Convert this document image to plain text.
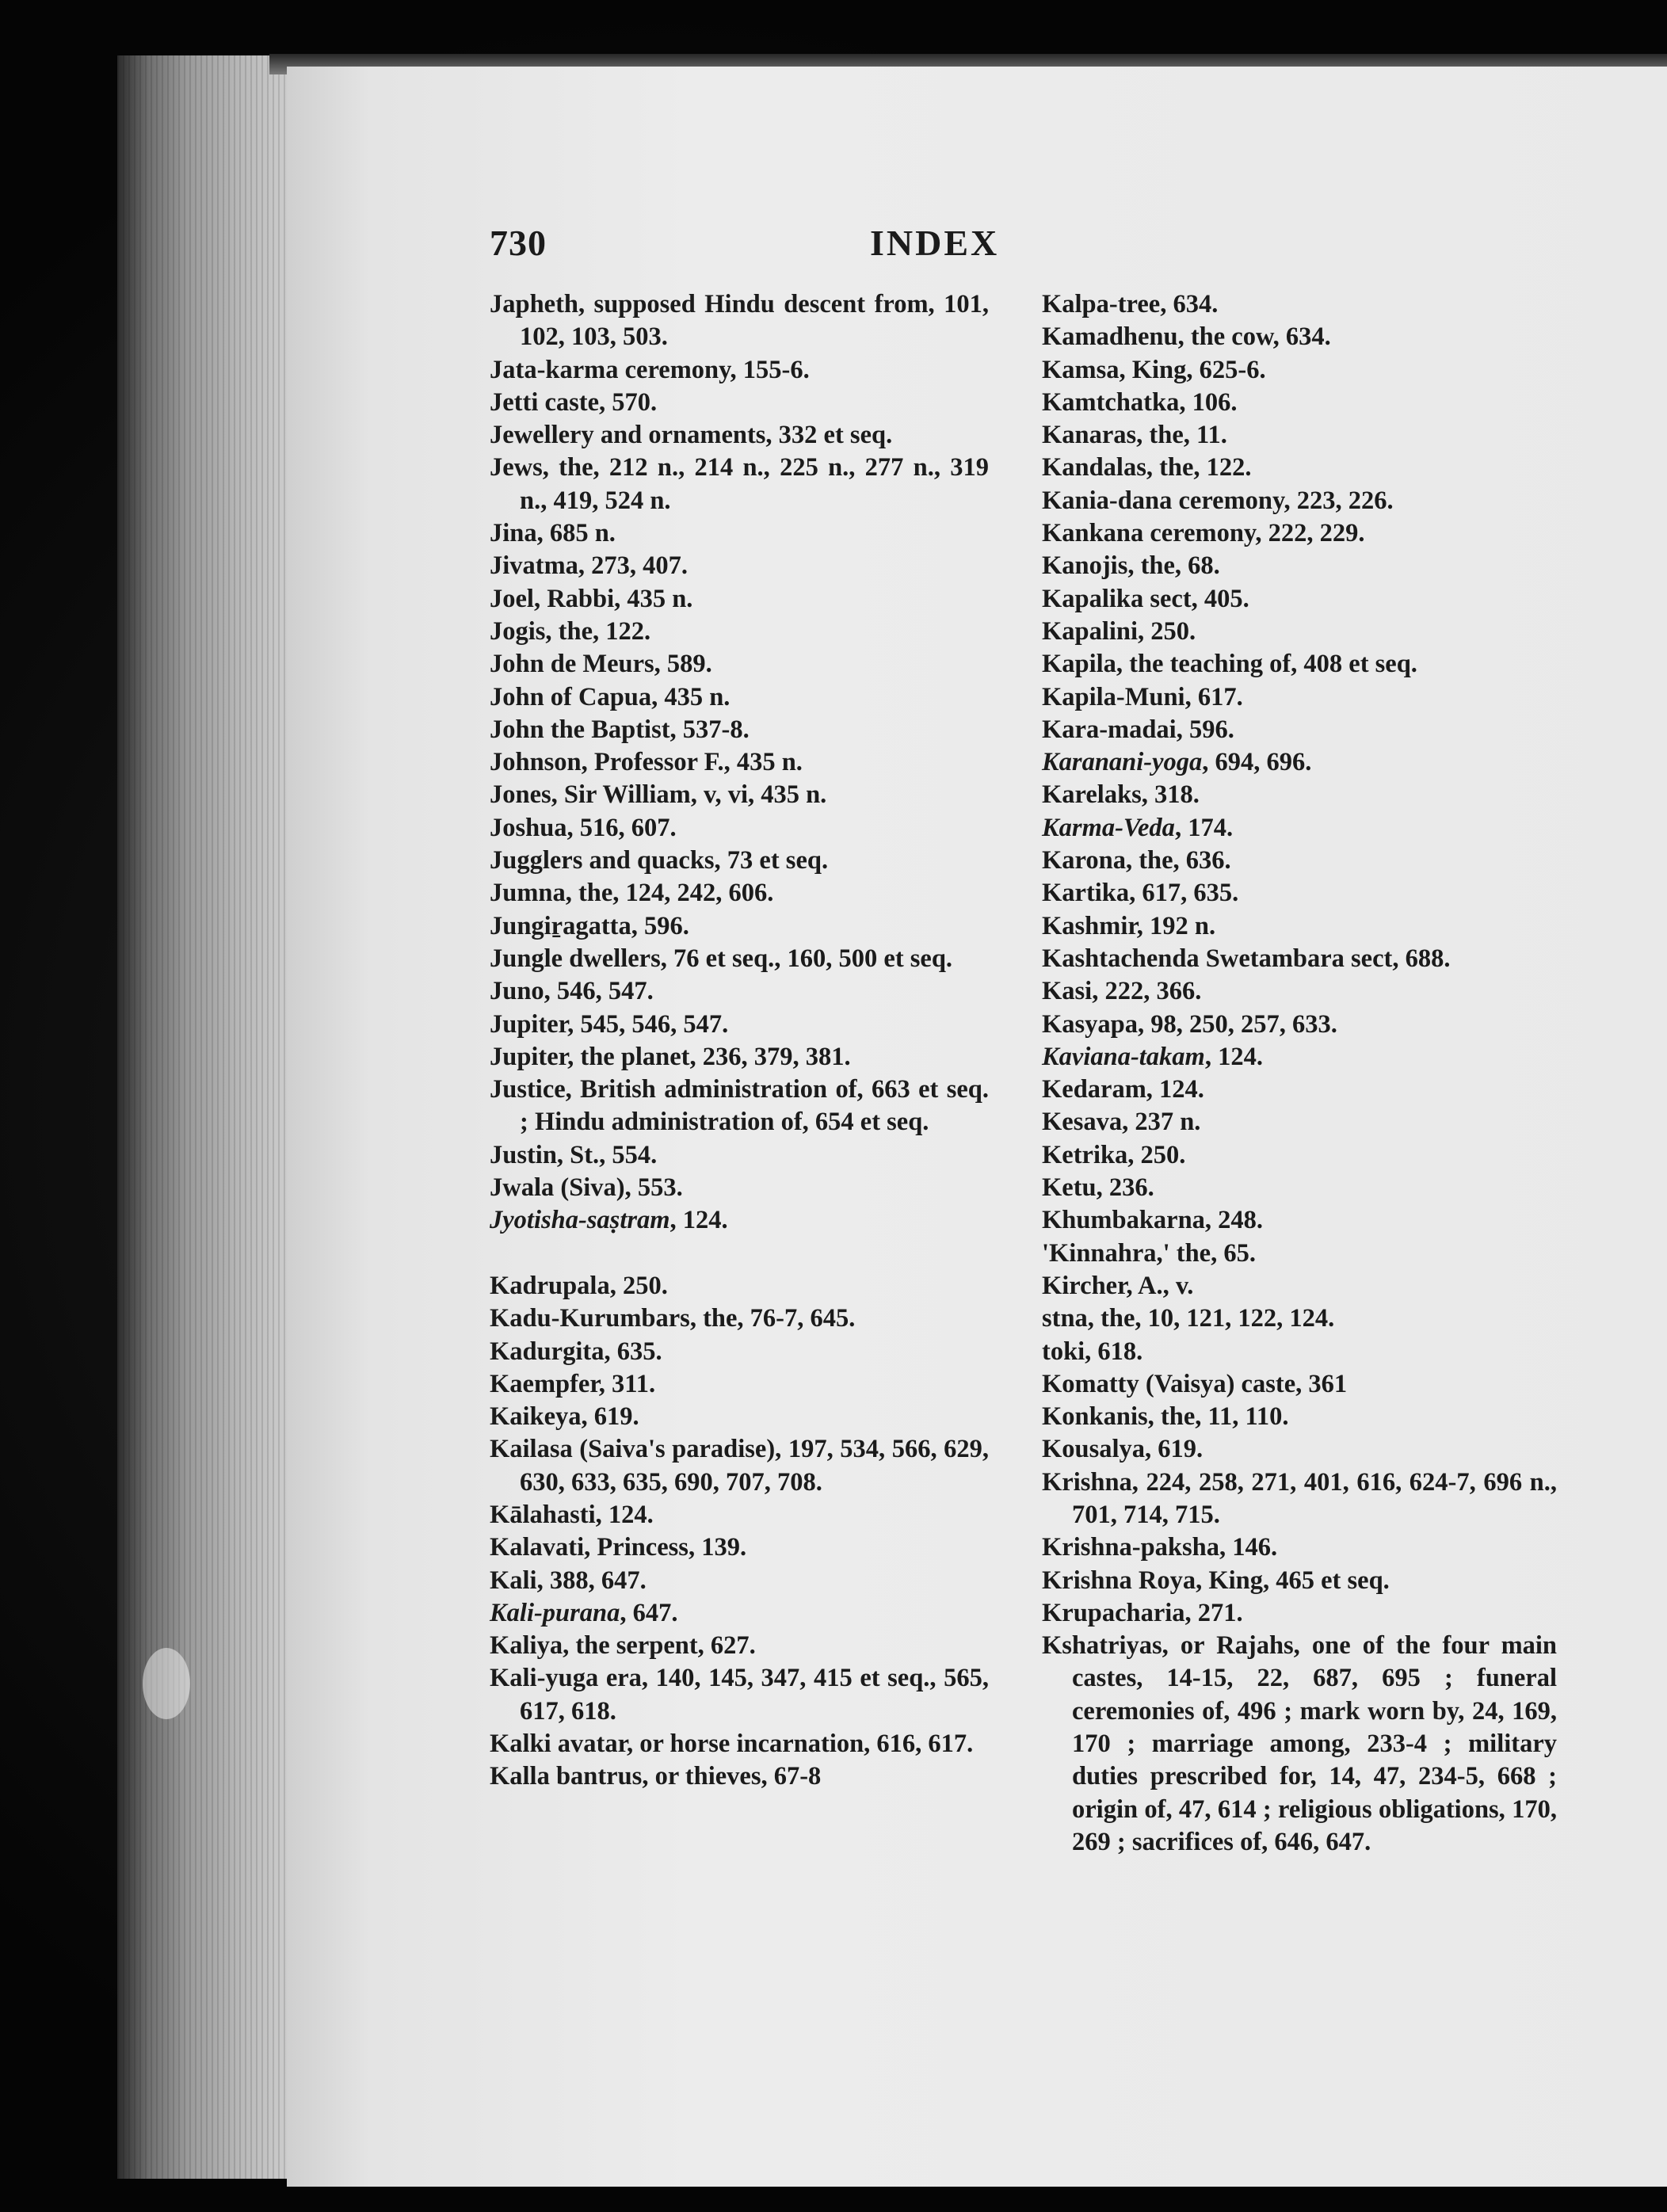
730	INDEX
Japheth, supposed Hindu descent from, 101, 102, 103, 503.
Jata-karma ceremony, 155-6.
Jetti caste, 570.
Jewellery and ornaments, 332 et seq.
Jews, the, 212 n., 214 n., 225 n., 277 n., 319 n., 419, 524 n.
Jina, 685 n.
Jivatma, 273, 407.
Joel, Rabbi, 435 n.
Jogis, the, 122.
John de Meurs, 589.
John of Capua, 435 n.
John the Baptist, 537-8.
Johnson, Professor F., 435 n.
Jones, Sir William, v, vi, 435 n.
Joshua, 516, 607.
Jugglers and quacks, 73 et seq.
Jumna, the, 124, 242, 606.
Jungiṟagatta, 596.
Jungle dwellers, 76 et seq., 160, 500 et seq.
Juno, 546, 547.
Jupiter, 545, 546, 547.
Jupiter, the planet, 236, 379, 381.
Justice, British administration of, 663 et seq. ; Hindu administration of, 654 et seq.
Justin, St., 554.
Jwala (Siva), 553.
Jyotisha-saṣtram, 124.
Kadrupala, 250.
Kadu-Kurumbars, the, 76-7, 645.
Kadurgita, 635.
Kaempfer, 311.
Kaikeya, 619.
Kailasa (Saiva's paradise), 197, 534, 566, 629, 630, 633, 635, 690, 707, 708.
Kālahasti, 124.
Kalavati, Princess, 139.
Kali, 388, 647.
Kali-purana, 647.
Kaliya, the serpent, 627.
Kali-yuga era, 140, 145, 347, 415 et seq., 565, 617, 618.
Kalki avatar, or horse incarnation, 616, 617.
Kalla bantrus, or thieves, 67-8
Kalpa-tree, 634.
Kamadhenu, the cow, 634.
Kamsa, King, 625-6.
Kamtchatka, 106.
Kanaras, the, 11.
Kandalas, the, 122.
Kania-dana ceremony, 223, 226.
Kankana ceremony, 222, 229.
Kanojis, the, 68.
Kapalika sect, 405.
Kapalini, 250.
Kapila, the teaching of, 408 et seq.
Kapila-Muni, 617.
Kara-madai, 596.
Karanani-yoga, 694, 696.
Karelaks, 318.
Karma-Veda, 174.
Karona, the, 636.
Kartika, 617, 635.
Kashmir, 192 n.
Kashtachenda Swetambara sect, 688.
Kasi, 222, 366.
Kasyapa, 98, 250, 257, 633.
Kaviana-takam, 124.
Kedaram, 124.
Kesava, 237 n.
Ketrika, 250.
Ketu, 236.
Khumbakarna, 248.
'Kinnahra,' the, 65.
Kircher, A., v.
stna, the, 10, 121, 122, 124.
toki, 618.
Komatty (Vaisya) caste, 361
Konkanis, the, 11, 110.
Kousalya, 619.
Krishna, 224, 258, 271, 401, 616, 624-7, 696 n., 701, 714, 715.
Krishna-paksha, 146.
Krishna Roya, King, 465 et seq.
Krupacharia, 271.
Kshatriyas, or Rajahs, one of the four main castes, 14-15, 22, 687, 695 ; funeral ceremonies of, 496 ; mark worn by, 24, 169, 170 ; marriage among, 233-4 ; military duties prescribed for, 14, 47, 234-5, 668 ; origin of, 47, 614 ; religious obligations, 170, 269 ; sacrifices of, 646, 647.
